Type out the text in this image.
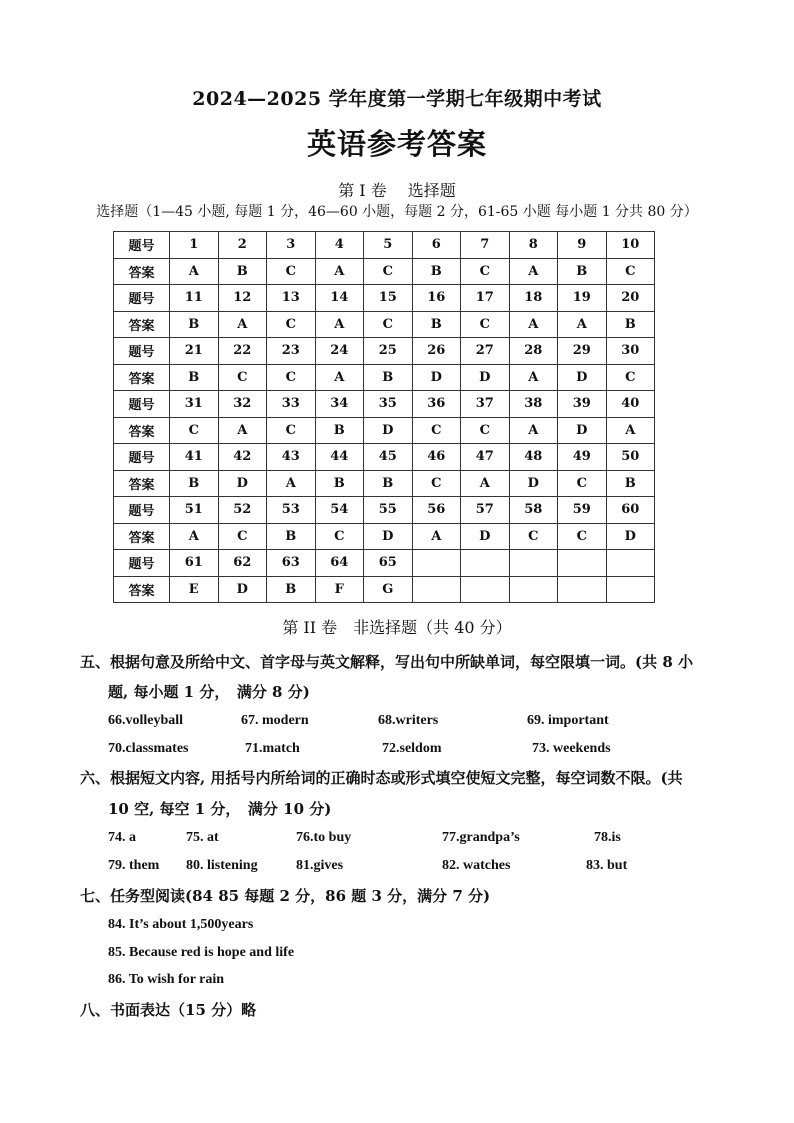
2024—2025 学年度第一学期七年级期中考试
英语参考答案
第 I 卷　 选择题
选择题（1—45 小题, 每题 1 分，46—60 小题，每题 2 分，61-65 小题 每小题 1 分共 80 分）
题号	1	2	3	4	5	6	7	8	9	10
答案	A	B	C	A	C	B	C	A	B	C
题号	11	12	13	14	15	16	17	18	19	20
答案	B	A	C	A	C	B	C	A	A	B
题号	21	22	23	24	25	26	27	28	29	30
答案	B	C	C	A	B	D	D	A	D	C
题号	31	32	33	34	35	36	37	38	39	40
答案	C	A	C	B	D	C	C	A	D	A
题号	41	42	43	44	45	46	47	48	49	50
答案	B	D	A	B	B	C	A	D	C	B
题号	51	52	53	54	55	56	57	58	59	60
答案	A	C	B	C	D	A	D	C	C	D
题号	61	62	63	64	65					
答案	E	D	B	F	G					
第 II 卷　非选择题（共 40 分）
五、根据句意及所给中文、首字母与英文解释，写出句中所缺单词，每空限填一词。(共 8 小
题, 每小题 1 分，　满分 8 分)
66.volleyball	67. modern	68.writers	69. important
70.classmates	71.match	72.seldom	73. weekends
六、根据短文内容, 用括号内所给词的正确时态或形式填空使短文完整，每空词数不限。(共
10 空, 每空 1 分，　满分 10 分)
74. a	75. at	76.to buy	77.grandpa’s	78.is
79. them 80. listening	81.gives	82. watches	83. but
七、任务型阅读(84 85 每题 2 分，86 题 3 分，满分 7 分)
84. It’s about 1,500years
85. Because red is hope and life
86. To wish for rain
八、书面表达（15 分）略
